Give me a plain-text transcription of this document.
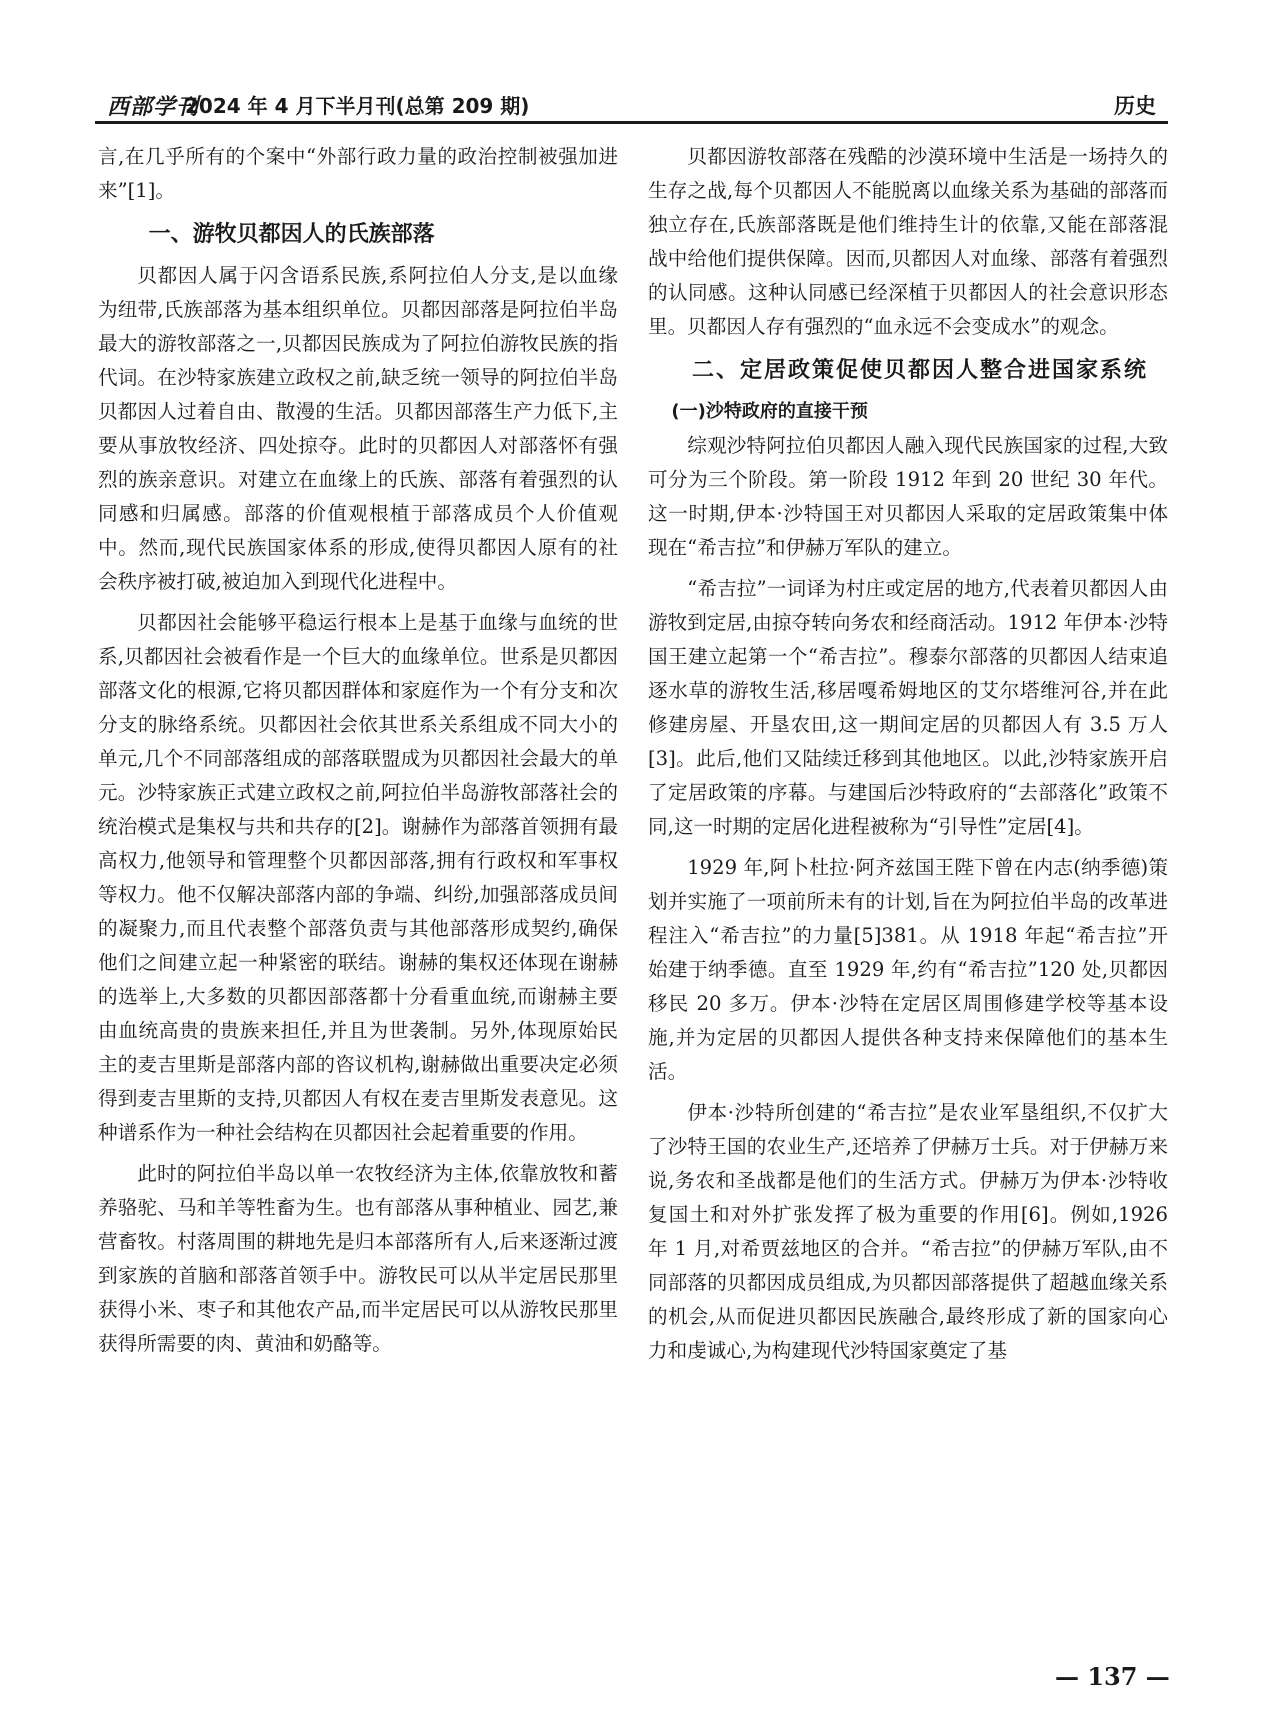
西部学刊
2024 年 4 月下半月刊(总第 209 期)	历史

言,在几乎所有的个案中“外部行政力量的政治控制被强加进来”[1]。

一、游牧贝都因人的氏族部落

贝都因人属于闪含语系民族,系阿拉伯人分支,是以血缘为纽带,氏族部落为基本组织单位。贝都因部落是阿拉伯半岛最大的游牧部落之一,贝都因民族成为了阿拉伯游牧民族的指代词。在沙特家族建立政权之前,缺乏统一领导的阿拉伯半岛贝都因人过着自由、散漫的生活。贝都因部落生产力低下,主要从事放牧经济、四处掠夺。此时的贝都因人对部落怀有强烈的族亲意识。对建立在血缘上的氏族、部落有着强烈的认同感和归属感。部落的价值观根植于部落成员个人价值观中。然而,现代民族国家体系的形成,使得贝都因人原有的社会秩序被打破,被迫加入到现代化进程中。

贝都因社会能够平稳运行根本上是基于血缘与血统的世系,贝都因社会被看作是一个巨大的血缘单位。世系是贝都因部落文化的根源,它将贝都因群体和家庭作为一个有分支和次分支的脉络系统。贝都因社会依其世系关系组成不同大小的单元,几个不同部落组成的部落联盟成为贝都因社会最大的单元。沙特家族正式建立政权之前,阿拉伯半岛游牧部落社会的统治模式是集权与共和共存的[2]。谢赫作为部落首领拥有最高权力,他领导和管理整个贝都因部落,拥有行政权和军事权等权力。他不仅解决部落内部的争端、纠纷,加强部落成员间的凝聚力,而且代表整个部落负责与其他部落形成契约,确保他们之间建立起一种紧密的联结。谢赫的集权还体现在谢赫的选举上,大多数的贝都因部落都十分看重血统,而谢赫主要由血统高贵的贵族来担任,并且为世袭制。另外,体现原始民主的麦吉里斯是部落内部的咨议机构,谢赫做出重要决定必须得到麦吉里斯的支持,贝都因人有权在麦吉里斯发表意见。这种谱系作为一种社会结构在贝都因社会起着重要的作用。

此时的阿拉伯半岛以单一农牧经济为主体,依靠放牧和蓄养骆驼、马和羊等牲畜为生。也有部落从事种植业、园艺,兼营畜牧。村落周围的耕地先是归本部落所有人,后来逐渐过渡到家族的首脑和部落首领手中。游牧民可以从半定居民那里获得小米、枣子和其他农产品,而半定居民可以从游牧民那里获得所需要的肉、黄油和奶酪等。

贝都因游牧部落在残酷的沙漠环境中生活是一场持久的生存之战,每个贝都因人不能脱离以血缘关系为基础的部落而独立存在,氏族部落既是他们维持生计的依靠,又能在部落混战中给他们提供保障。因而,贝都因人对血缘、部落有着强烈的认同感。这种认同感已经深植于贝都因人的社会意识形态里。贝都因人存有强烈的“血永远不会变成水”的观念。

二、定居政策促使贝都因人整合进国家系统
(一)沙特政府的直接干预

综观沙特阿拉伯贝都因人融入现代民族国家的过程,大致可分为三个阶段。第一阶段 1912 年到 20 世纪 30 年代。这一时期,伊本·沙特国王对贝都因人采取的定居政策集中体现在“希吉拉”和伊赫万军队的建立。

“希吉拉”一词译为村庄或定居的地方,代表着贝都因人由游牧到定居,由掠夺转向务农和经商活动。1912 年伊本·沙特国王建立起第一个“希吉拉”。穆泰尔部落的贝都因人结束追逐水草的游牧生活,移居嘎希姆地区的艾尔塔维河谷,并在此修建房屋、开垦农田,这一期间定居的贝都因人有 3.5 万人[3]。此后,他们又陆续迁移到其他地区。以此,沙特家族开启了定居政策的序幕。与建国后沙特政府的“去部落化”政策不同,这一时期的定居化进程被称为“引导性”定居[4]。

1929 年,阿卜杜拉·阿齐兹国王陛下曾在内志(纳季德)策划并实施了一项前所未有的计划,旨在为阿拉伯半岛的改革进程注入“希吉拉”的力量[5]381。从 1918 年起“希吉拉”开始建于纳季德。直至 1929 年,约有“希吉拉”120 处,贝都因移民 20 多万。伊本·沙特在定居区周围修建学校等基本设施,并为定居的贝都因人提供各种支持来保障他们的基本生活。

伊本·沙特所创建的“希吉拉”是农业军垦组织,不仅扩大了沙特王国的农业生产,还培养了伊赫万士兵。对于伊赫万来说,务农和圣战都是他们的生活方式。伊赫万为伊本·沙特收复国土和对外扩张发挥了极为重要的作用[6]。例如,1926 年 1 月,对希贾兹地区的合并。“希吉拉”的伊赫万军队,由不同部落的贝都因成员组成,为贝都因部落提供了超越血缘关系的机会,从而促进贝都因民族融合,最终形成了新的国家向心力和虔诚心,为构建现代沙特国家奠定了基

— 137 —
